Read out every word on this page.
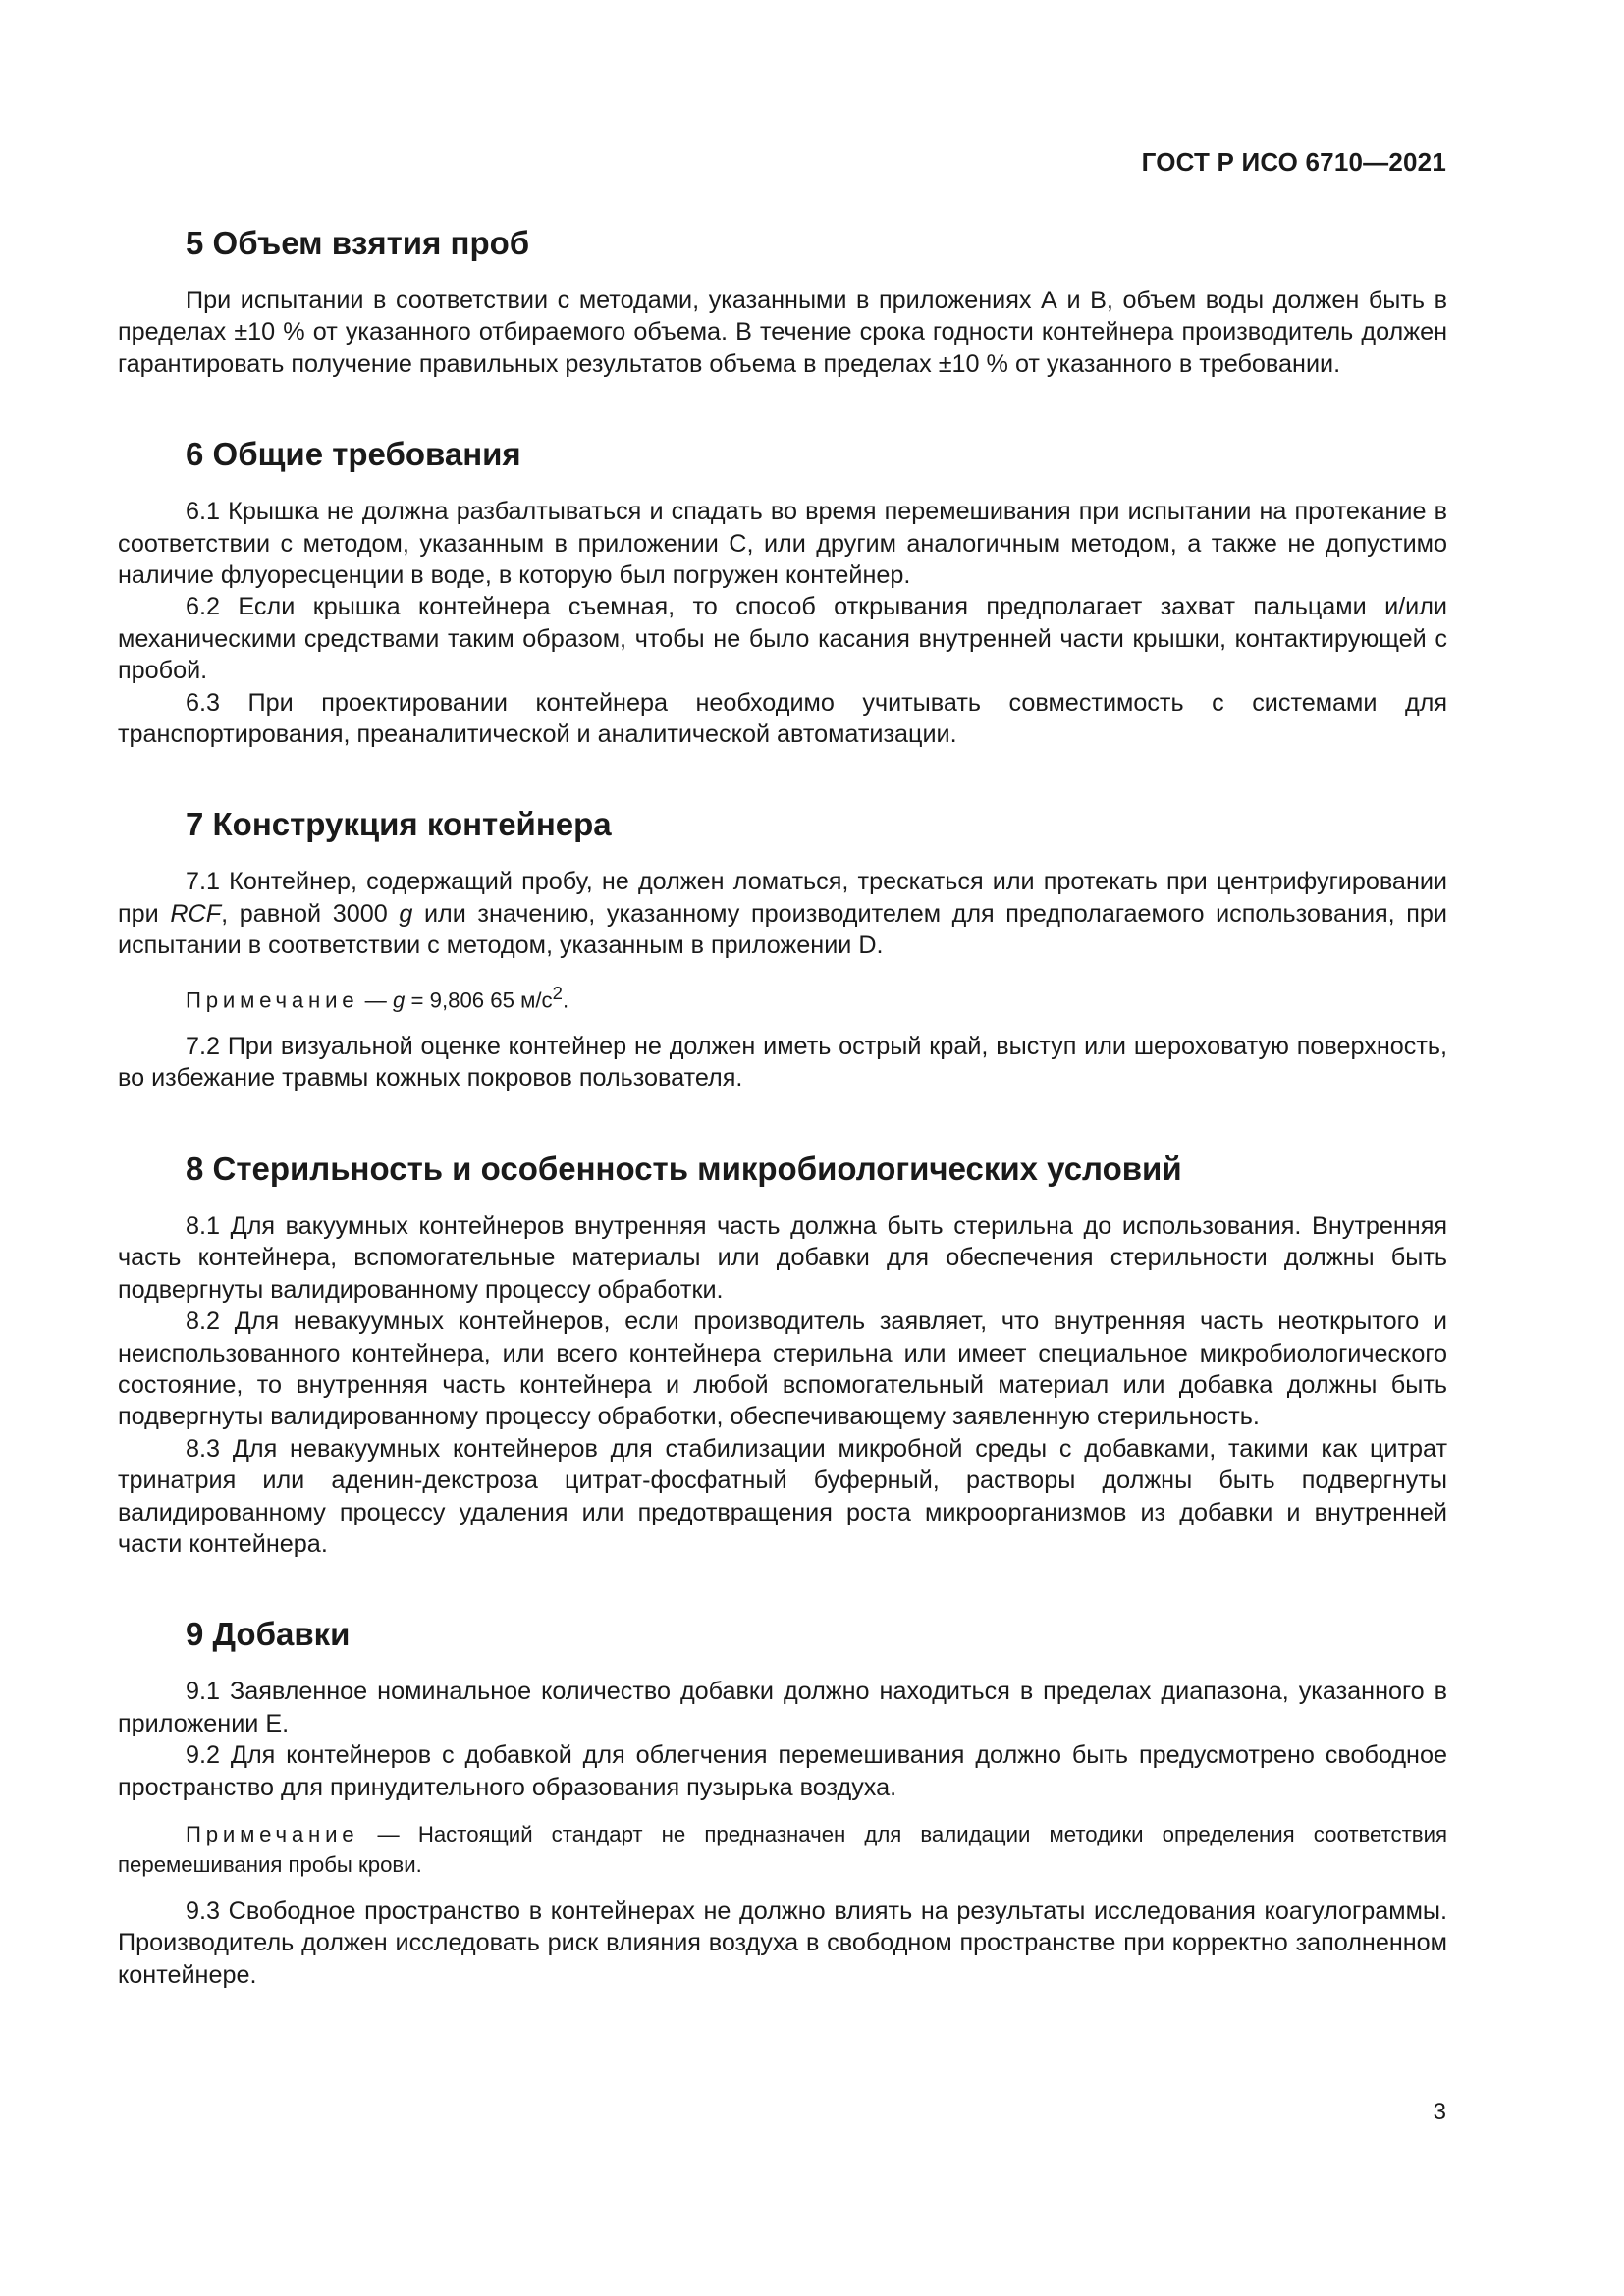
ГОСТ Р ИСО 6710—2021
5 Объем взятия проб

При испытании в соответствии с методами, указанными в приложениях А и В, объем воды должен быть в пределах ±10 % от указанного отбираемого объема. В течение срока годности контейнера производитель должен гарантировать получение правильных результатов объема в пределах ±10 % от указанного в требовании.

6 Общие требования

6.1 Крышка не должна разбалтываться и спадать во время перемешивания при испытании на протекание в соответствии с методом, указанным в приложении С, или другим аналогичным методом, а также не допустимо наличие флуоресценции в воде, в которую был погружен контейнер.

6.2 Если крышка контейнера съемная, то способ открывания предполагает захват пальцами и/или механическими средствами таким образом, чтобы не было касания внутренней части крышки, контактирующей с пробой.

6.3 При проектировании контейнера необходимо учитывать совместимость с системами для транспортирования, преаналитической и аналитической автоматизации.

7 Конструкция контейнера

7.1 Контейнер, содержащий пробу, не должен ломаться, трескаться или протекать при центрифугировании при RCF, равной 3000 g или значению, указанному производителем для предполагаемого использования, при испытании в соответствии с методом, указанным в приложении D.

Примечание — g = 9,806 65 $м/с^2$.

7.2 При визуальной оценке контейнер не должен иметь острый край, выступ или шероховатую поверхность, во избежание травмы кожных покровов пользователя.

8 Стерильность и особенность микробиологических условий

8.1 Для вакуумных контейнеров внутренняя часть должна быть стерильна до использования. Внутренняя часть контейнера, вспомогательные материалы или добавки для обеспечения стерильности должны быть подвергнуты валидированному процессу обработки.

8.2 Для невакуумных контейнеров, если производитель заявляет, что внутренняя часть неоткрытого и неиспользованного контейнера, или всего контейнера стерильна или имеет специальное микробиологического состояние, то внутренняя часть контейнера и любой вспомогательный материал или добавка должны быть подвергнуты валидированному процессу обработки, обеспечивающему заявленную стерильность.

8.3 Для невакуумных контейнеров для стабилизации микробной среды с добавками, такими как цитрат тринатрия или аденин-декстроза цитрат-фосфатный буферный, растворы должны быть подвергнуты валидированному процессу удаления или предотвращения роста микроорганизмов из добавки и внутренней части контейнера.

9 Добавки

9.1 Заявленное номинальное количество добавки должно находиться в пределах диапазона, указанного в приложении Е.

9.2 Для контейнеров с добавкой для облегчения перемешивания должно быть предусмотрено свободное пространство для принудительного образования пузырька воздуха.

Примечание — Настоящий стандарт не предназначен для валидации методики определения соответствия перемешивания пробы крови.

9.3 Свободное пространство в контейнерах не должно влиять на результаты исследования коагулограммы. Производитель должен исследовать риск влияния воздуха в свободном пространстве при корректно заполненном контейнере.

3
